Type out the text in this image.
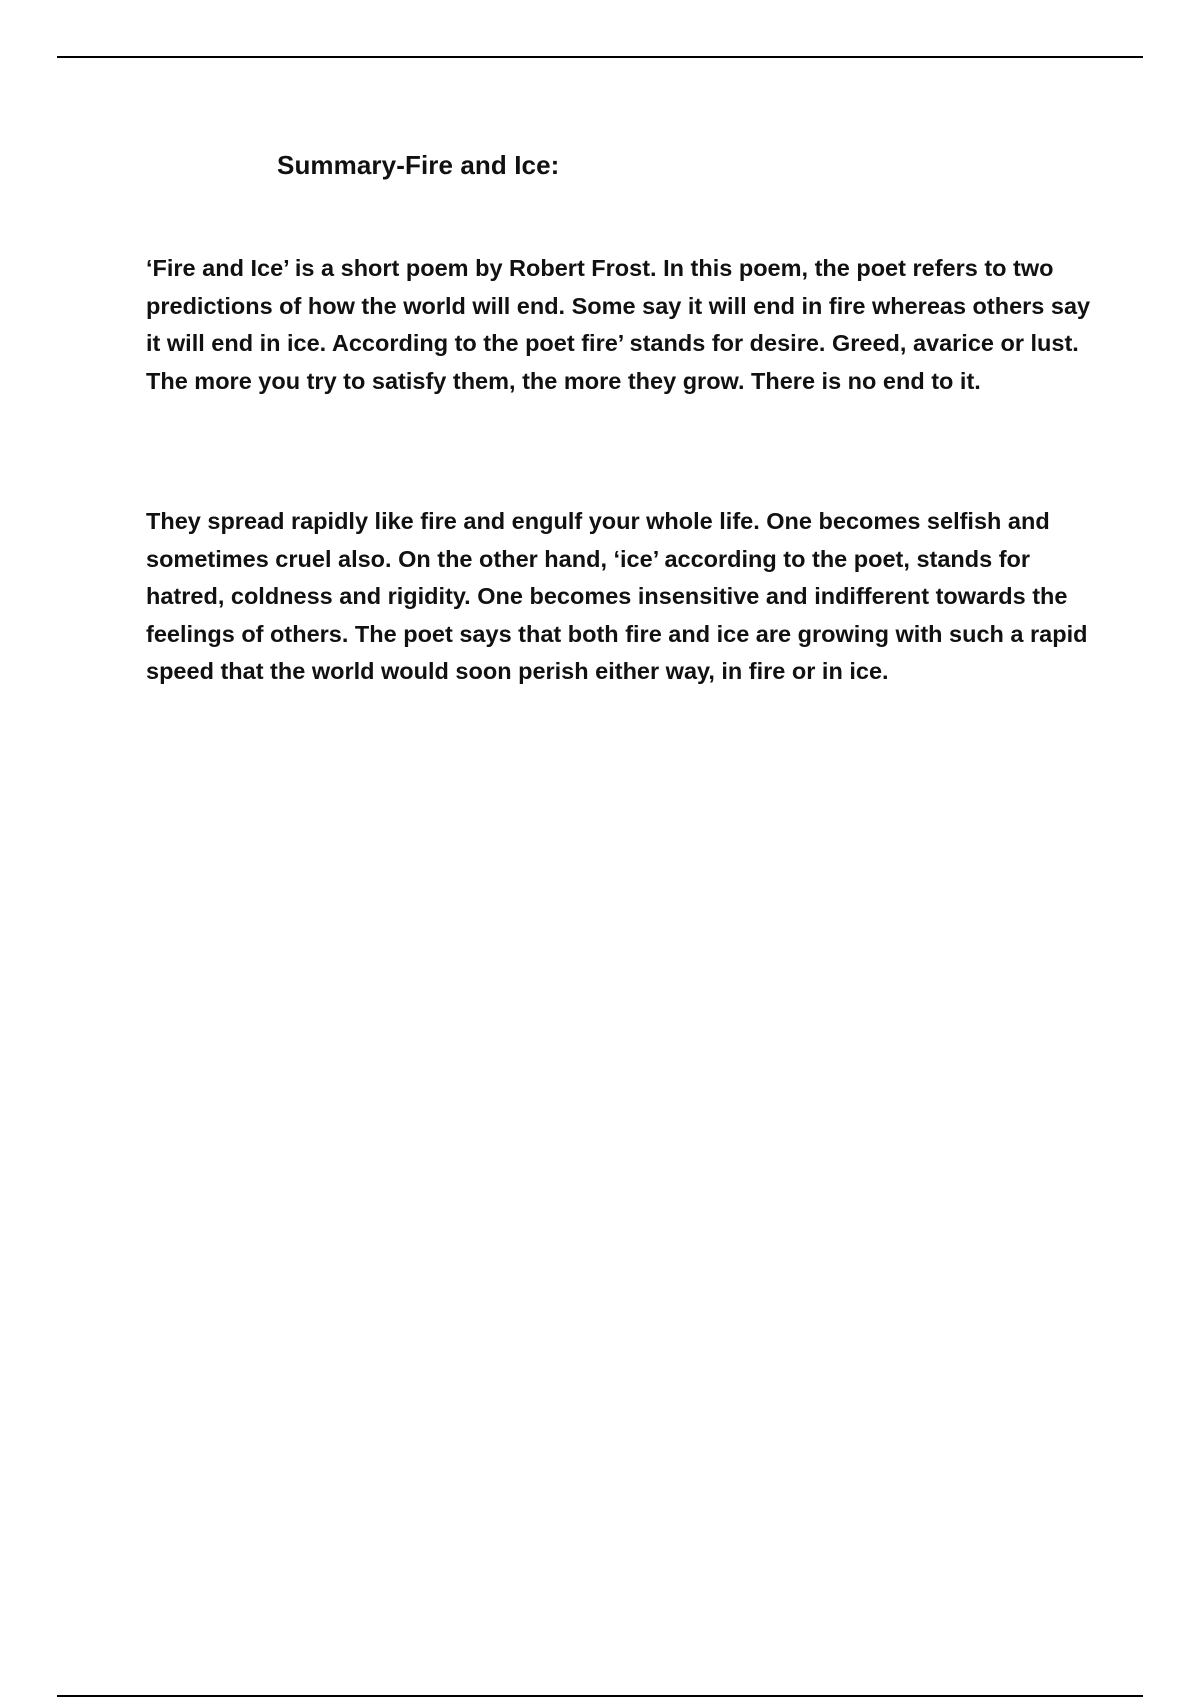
Summary-Fire and Ice:

‘Fire and Ice’ is a short poem by Robert Frost. In this poem, the poet refers to two predictions of how the world will end. Some say it will end in fire whereas others say it will end in ice. According to the poet fire’ stands for desire. Greed, avarice or lust. The more you try to satisfy them, the more they grow. There is no end to it.

They spread rapidly like fire and engulf your whole life. One becomes selfish and sometimes cruel also. On the other hand, ‘ice’ according to the poet, stands for hatred, coldness and rigidity. One becomes insensitive and indifferent towards the feelings of others. The poet says that both fire and ice are growing with such a rapid speed that the world would soon perish either way, in fire or in ice.
